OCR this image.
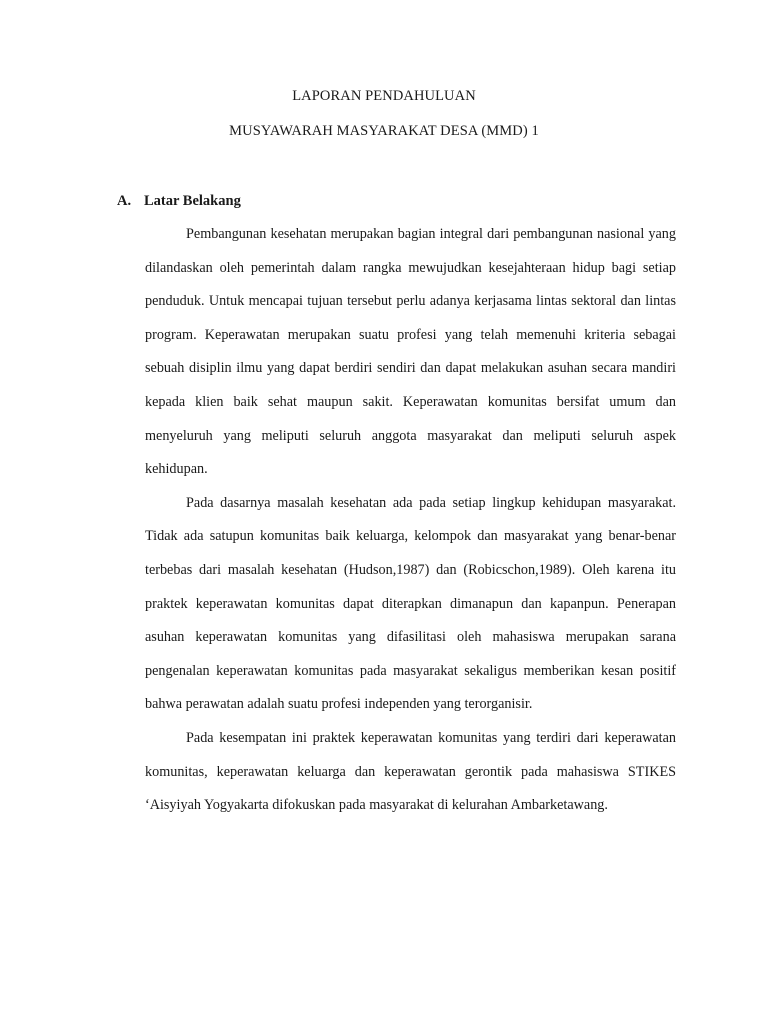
LAPORAN PENDAHULUAN
MUSYAWARAH MASYARAKAT DESA (MMD) 1
A. Latar Belakang

Pembangunan kesehatan merupakan bagian integral dari pembangunan nasional yang dilandaskan oleh pemerintah dalam rangka mewujudkan kesejahteraan hidup bagi setiap penduduk. Untuk mencapai tujuan tersebut perlu adanya kerjasama lintas sektoral dan lintas program. Keperawatan merupakan suatu profesi yang telah memenuhi kriteria sebagai sebuah disiplin ilmu yang dapat berdiri sendiri dan dapat melakukan asuhan secara mandiri kepada klien baik sehat maupun sakit. Keperawatan komunitas bersifat umum dan menyeluruh yang meliputi seluruh anggota masyarakat dan meliputi seluruh aspek kehidupan.

Pada dasarnya masalah kesehatan ada pada setiap lingkup kehidupan masyarakat. Tidak ada satupun komunitas baik keluarga, kelompok dan masyarakat yang benar-benar terbebas dari masalah kesehatan (Hudson,1987) dan (Robicschon,1989). Oleh karena itu praktek keperawatan komunitas dapat diterapkan dimanapun dan kapanpun. Penerapan asuhan keperawatan komunitas yang difasilitasi oleh mahasiswa merupakan sarana pengenalan keperawatan komunitas pada masyarakat sekaligus memberikan kesan positif bahwa perawatan adalah suatu profesi independen yang terorganisir.

Pada kesempatan ini praktek keperawatan komunitas yang terdiri dari keperawatan komunitas, keperawatan keluarga dan keperawatan gerontik pada mahasiswa STIKES ‘Aisyiyah Yogyakarta difokuskan pada masyarakat di kelurahan Ambarketawang.
